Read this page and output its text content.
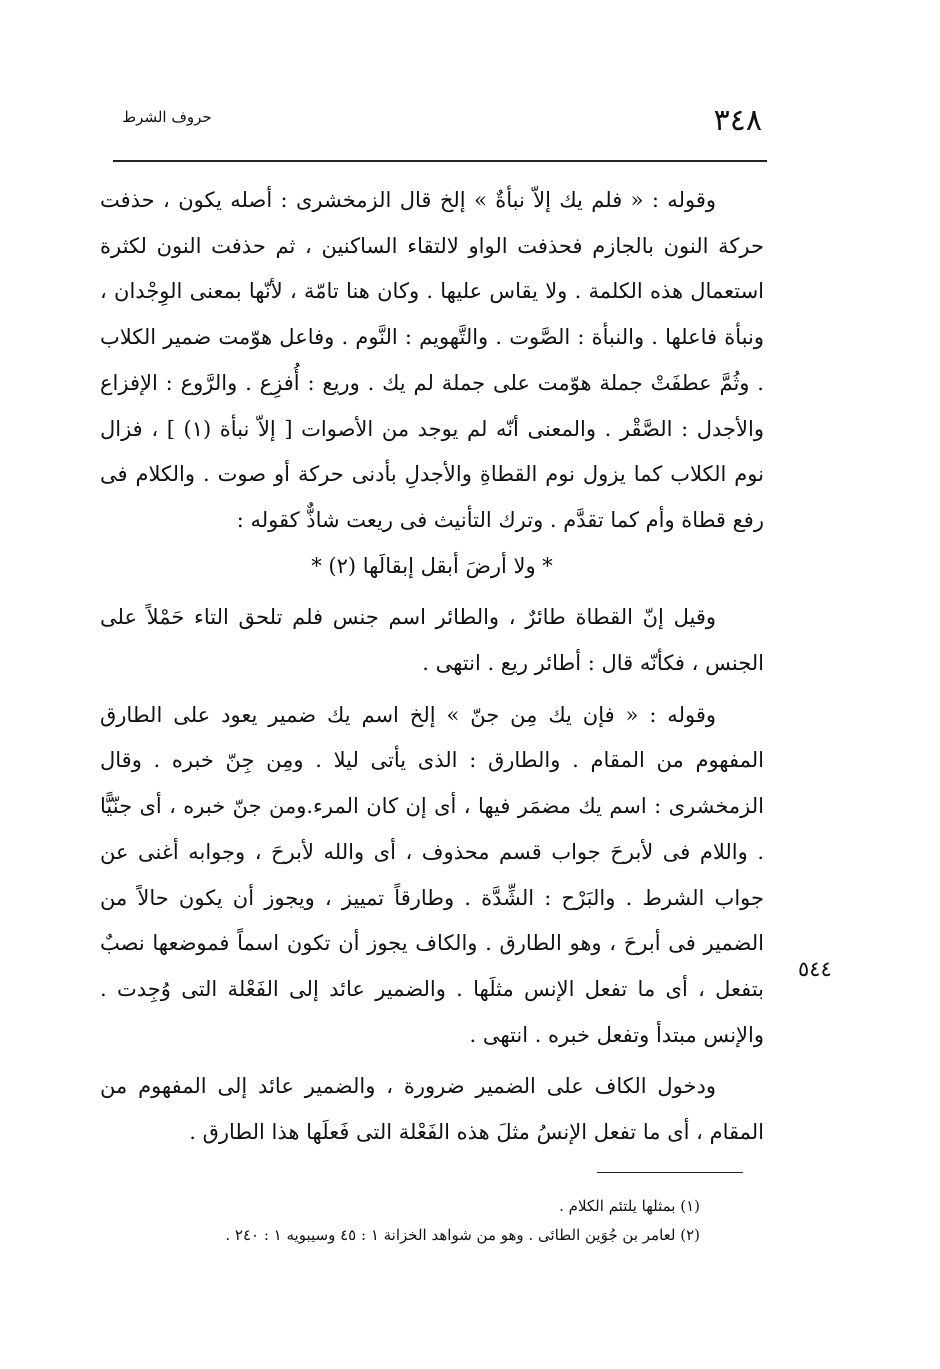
حروف الشرط	٣٤٨

وقوله : « فلم يك إلاّ نبأةٌ » إلخ قال الزمخشرى : أصله يكون ، حذفت حركة النون بالجازم فحذفت الواو لالتقاء الساكنين ، ثم حذفت النون لكثرة استعمال هذه الكلمة . ولا يقاس عليها . وكان هنا تامّة ، لأنّها بمعنى الوِجْدان ، ونبأة فاعلها . والنبأة : الصَّوت . والتَّهويم : النَّوم . وفاعل هوّمت ضمير الكلاب . وثُمَّ عطفَتْ جملة هوّمت على جملة لم يك . وريع : أُفزِع . والرَّوع : الإفزاع والأجدل : الصَّقْر . والمعنى أنّه لم يوجد من الأصوات [ إلاّ نبأة (١) ] ، فزال نوم الكلاب كما يزول نوم القطاةِ والأجدلِ بأدنى حركة أو صوت . والكلام فى رفع قطاة وأم كما تقدَّم . وترك التأنيث فى ريعت شاذٌّ كقوله :

* ولا أرضَ أبقل إبقالَها (٢) *

وقيل إنّ القطاة طائرٌ ، والطائر اسم جنس فلم تلحق التاء حَمْلاً على الجنس ، فكأنّه قال : أطائر ريع . انتهى .

وقوله : « فإن يك مِن جنّ » إلخ اسم يك ضمير يعود على الطارق المفهوم من المقام . والطارق : الذى يأتى ليلا . ومِن جِنّ خبره . وقال الزمخشرى : اسم يك مضمَر فيها ، أى إن كان المرء.ومن جنّ خبره ، أى جنّيًّا . واللام فى لأبرحَ جواب قسم محذوف ، أى والله لأبرحَ ، وجوابه أغنى عن جواب الشرط . والبَرْح : الشِّدَّة . وطارقاً تمييز ، ويجوز أن يكون حالاً من الضمير فى أبرحَ ، وهو الطارق . والكاف يجوز أن تكون اسماً فموضعها نصبٌ بتفعل ، أى ما تفعل الإنس مثلَها . والضمير عائد إلى الفَعْلة التى وُجِدت . والإنس مبتدأ وتفعل خبره . انتهى .

ودخول الكاف على الضمير ضرورة ، والضمير عائد إلى المفهوم من المقام ، أى ما تفعل الإنسُ مثلَ هذه الفَعْلة التى فَعلَها هذا الطارق .

٥٤٤

(١) بمثلها يلتئم الكلام .

(٢) لعامر بن جُوَين الطائى . وهو من شواهد الخزانة ١ : ٤٥ وسيبويه ١ : ٢٤٠ .
